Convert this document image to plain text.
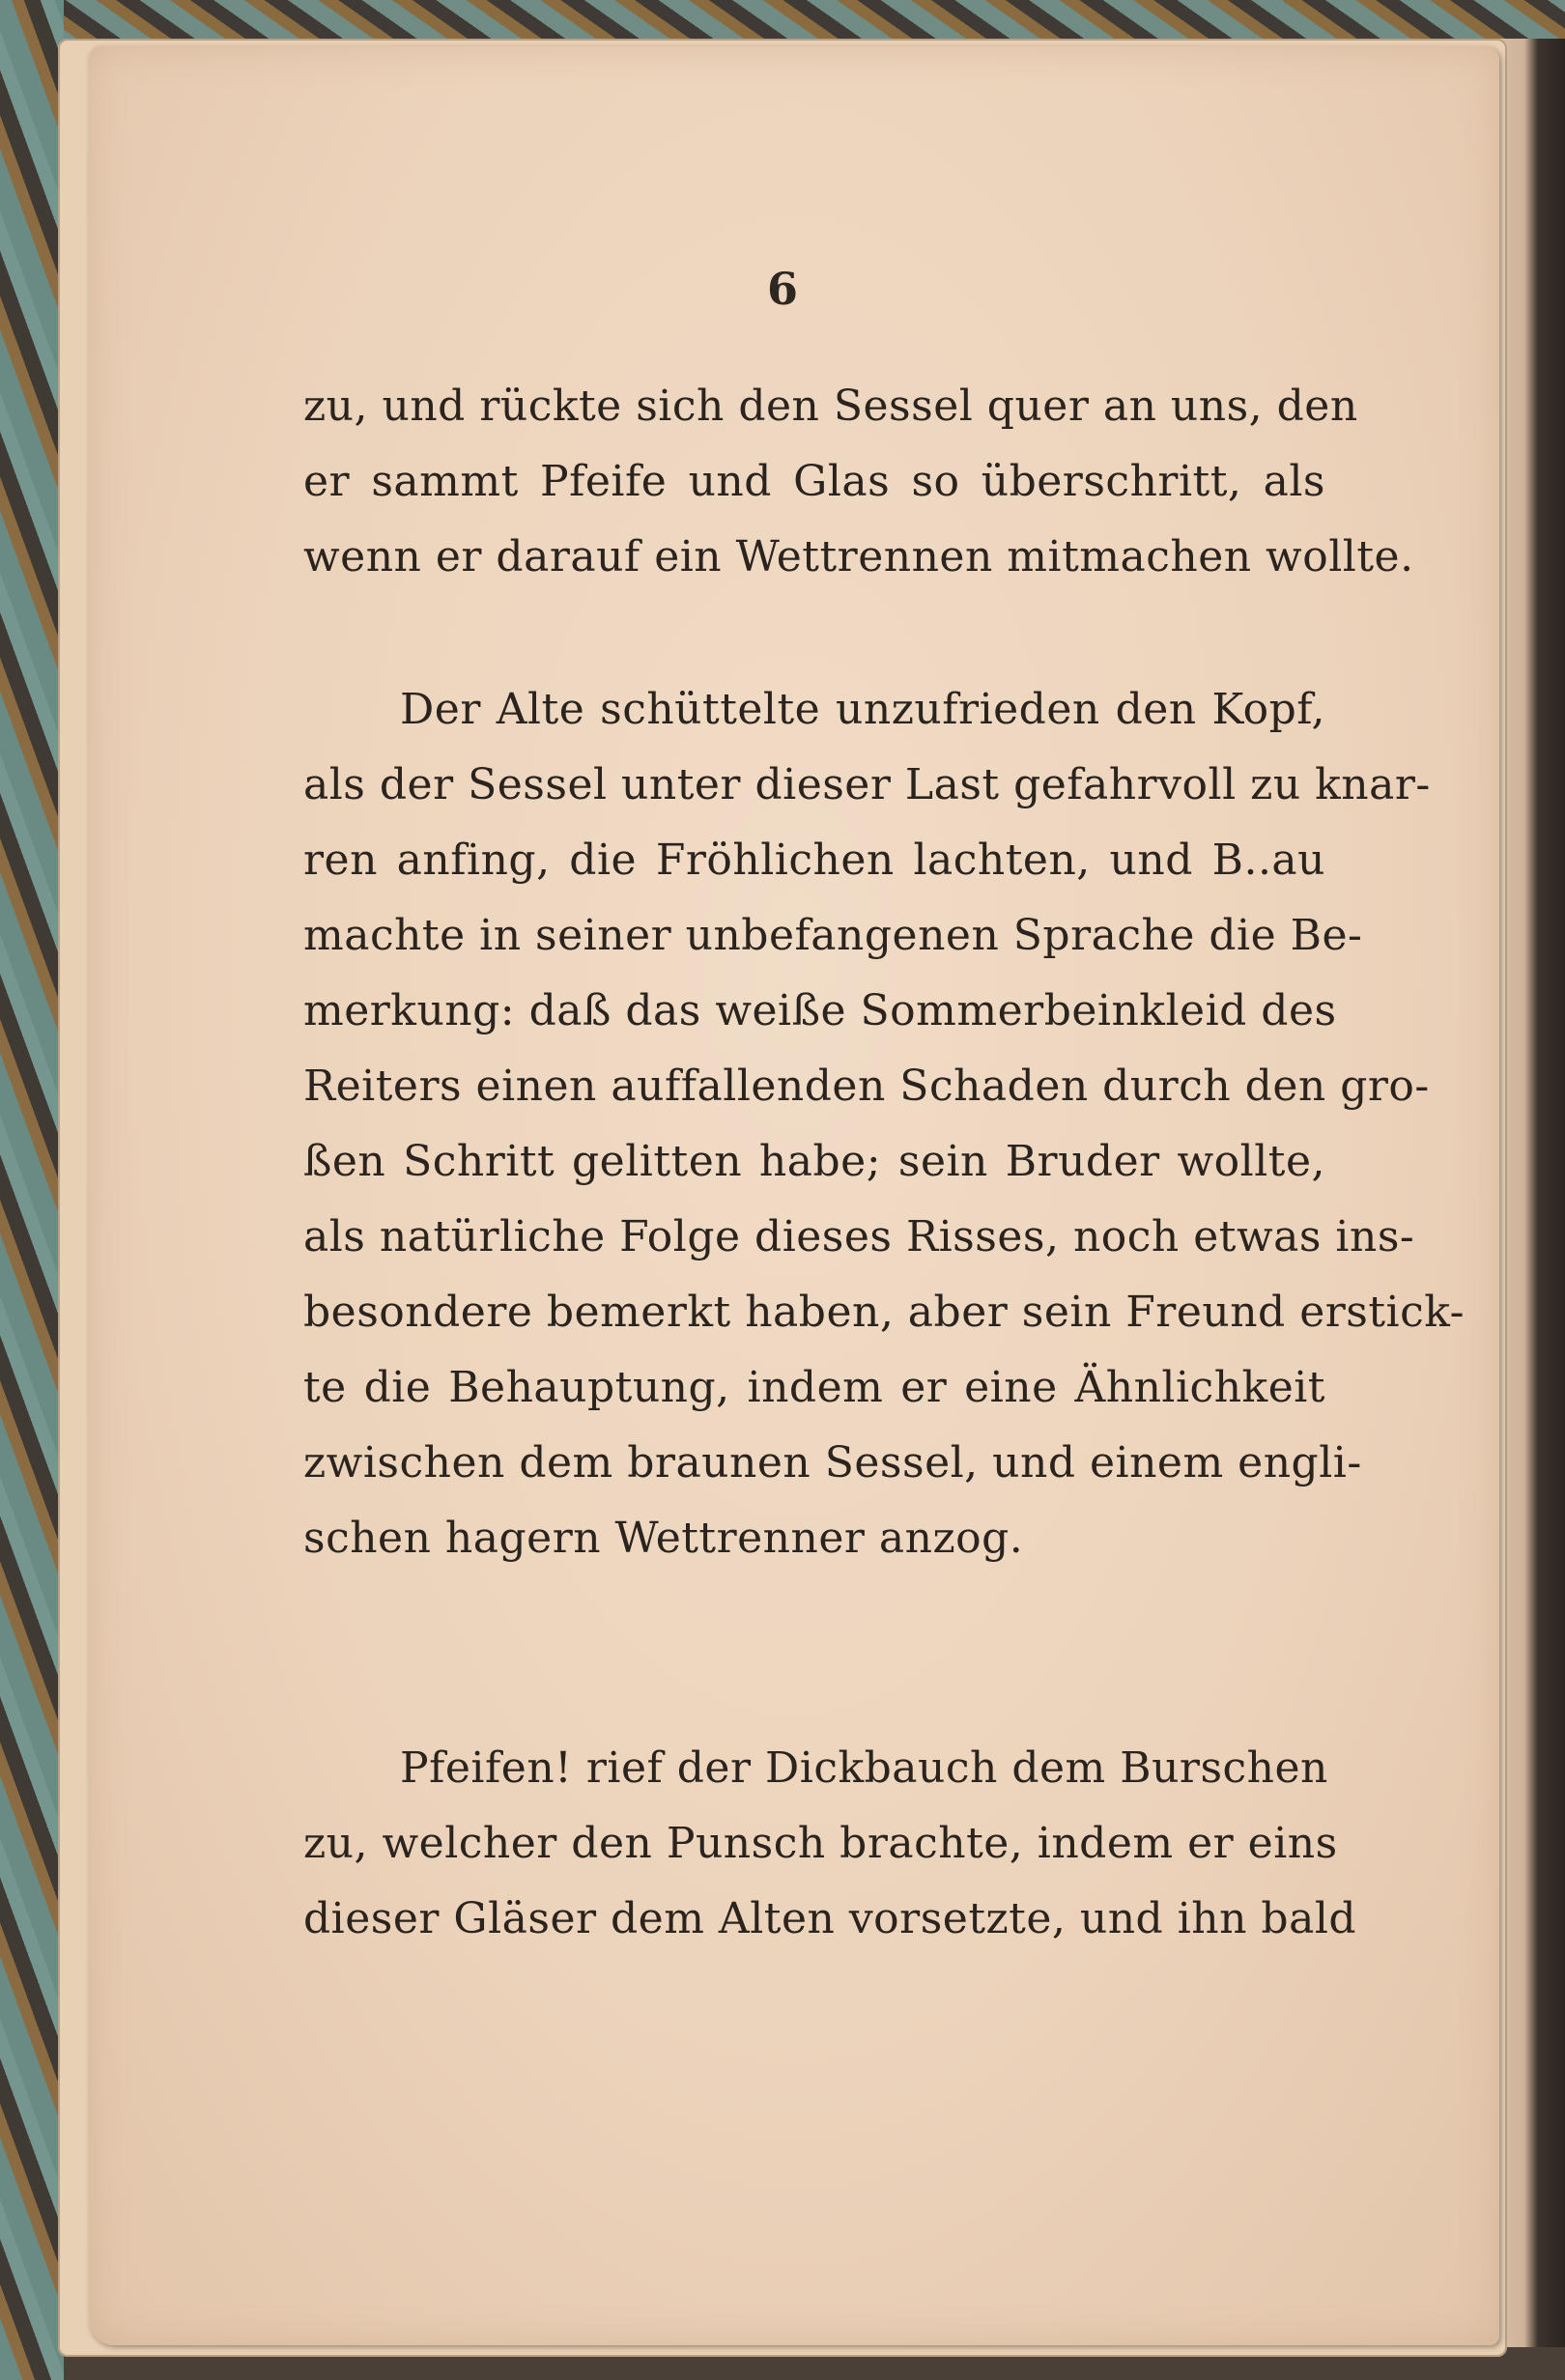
6

zu, und rückte sich den Sessel quer an uns, den
er sammt Pfeife und Glas so überschritt, als
wenn er darauf ein Wettrennen mitmachen wollte.

Der Alte schüttelte unzufrieden den Kopf,
als der Sessel unter dieser Last gefahrvoll zu knar-
ren anfing, die Fröhlichen lachten, und B..au
machte in seiner unbefangenen Sprache die Be-
merkung: daß das weiße Sommerbeinkleid des
Reiters einen auffallenden Schaden durch den gro-
ßen Schritt gelitten habe; sein Bruder wollte,
als natürliche Folge dieses Risses, noch etwas ins-
besondere bemerkt haben, aber sein Freund erstick-
te die Behauptung, indem er eine Ähnlichkeit
zwischen dem braunen Sessel, und einem engli-
schen hagern Wettrenner anzog.

Pfeifen! rief der Dickbauch dem Burschen
zu, welcher den Punsch brachte, indem er eins
dieser Gläser dem Alten vorsetzte, und ihn bald
